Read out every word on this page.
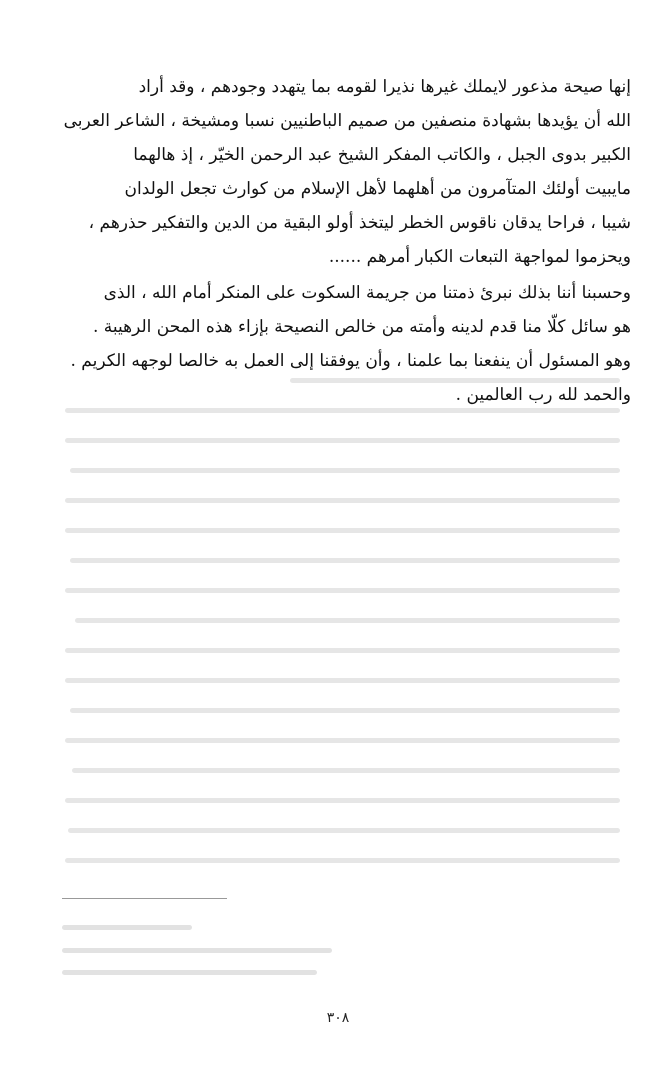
إنها صيحة مذعور لايملك غيرها نذيرا لقومه بما يتهدد وجودهم ، وقد أراد
الله أن يؤيدها بشهادة منصفين من صميم الباطنيين نسبا ومشيخة ، الشاعر العربى
الكبير بدوى الجبل ، والكاتب المفكر الشيخ عبد الرحمن الخيّر ، إذ هالهما
مايبيت أولئك المتآمرون من أهلهما لأهل الإسلام من كوارث تجعل الولدان
شيبا ، فراحا يدقان ناقوس الخطر ليتخذ أولو البقية من الدين والتفكير حذرهم ،
ويحزموا لمواجهة التبعات الكبار أمرهم ......
وحسبنا أننا بذلك نبرئ ذمتنا من جريمة السكوت على المنكر أمام الله ، الذى
هو سائل كلّا منا قدم لدينه وأمته من خالص النصيحة بإزاء هذه المحن الرهيبة .
وهو المسئول أن ينفعنا بما علمنا ، وأن يوفقنا إلى العمل به خالصا لوجهه الكريم .
والحمد لله رب العالمين .
٣٠٨
